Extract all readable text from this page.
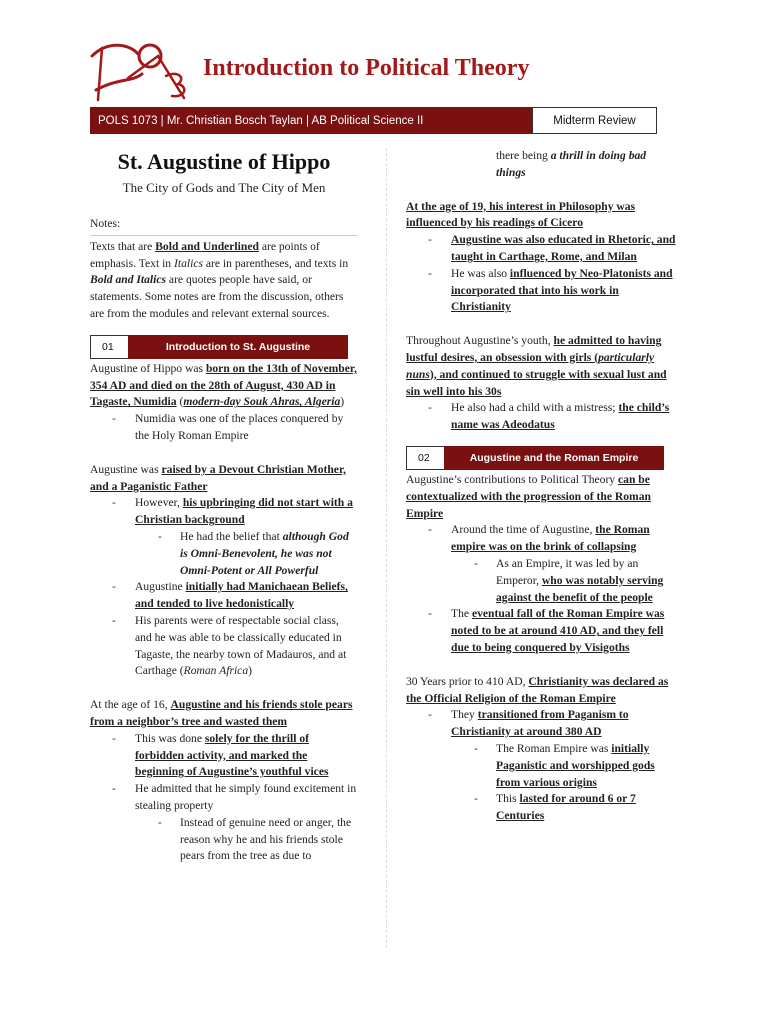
Introduction to Political Theory
POLS 1073 | Mr. Christian Bosch Taylan | AB Political Science II	Midterm Review
St. Augustine of Hippo

The City of Gods and The City of Men

Notes:

Texts that are Bold and Underlined are points of emphasis. Text in Italics are in parentheses, and texts in Bold and Italics are quotes people have said, or statements. Some notes are from the discussion, others are from the modules and relevant external sources.

01	Introduction to St. Augustine

Augustine of Hippo was born on the 13th of November, 354 AD and died on the 28th of August, 430 AD in Tagaste, Numidia (modern-day Souk Ahras, Algeria)

- Numidia was one of the places conquered by the Holy Roman Empire

Augustine was raised by a Devout Christian Mother, and a Paganistic Father

- However, his upbringing did not start with a Christian background

- He had the belief that although God is Omni-Benevolent, he was not Omni-Potent or All Powerful

- Augustine initially had Manichaean Beliefs, and tended to live hedonistically

- His parents were of respectable social class, and he was able to be classically educated in Tagaste, the nearby town of Madauros, and at Carthage (Roman Africa)

At the age of 16, Augustine and his friends stole pears from a neighbor’s tree and wasted them

- This was done solely for the thrill of forbidden activity, and marked the beginning of Augustine’s youthful vices

- He admitted that he simply found excitement in stealing property

- Instead of genuine need or anger, the reason why he and his friends stole pears from the tree as due to

there being a thrill in doing bad things

At the age of 19, his interest in Philosophy was influenced by his readings of Cicero

- Augustine was also educated in Rhetoric, and taught in Carthage, Rome, and Milan

- He was also influenced by Neo-Platonists and incorporated that into his work in Christianity

Throughout Augustine’s youth, he admitted to having lustful desires, an obsession with girls (particularly nuns), and continued to struggle with sexual lust and sin well into his 30s

- He also had a child with a mistress; the child’s name was Adeodatus

02	Augustine and the Roman Empire

Augustine’s contributions to Political Theory can be contextualized with the progression of the Roman Empire

- Around the time of Augustine, the Roman empire was on the brink of collapsing

- As an Empire, it was led by an Emperor, who was notably serving against the benefit of the people

- The eventual fall of the Roman Empire was noted to be at around 410 AD, and they fell due to being conquered by Visigoths

30 Years prior to 410 AD, Christianity was declared as the Official Religion of the Roman Empire

- They transitioned from Paganism to Christianity at around 380 AD

- The Roman Empire was initially Paganistic and worshipped gods from various origins

- This lasted for around 6 or 7 Centuries
